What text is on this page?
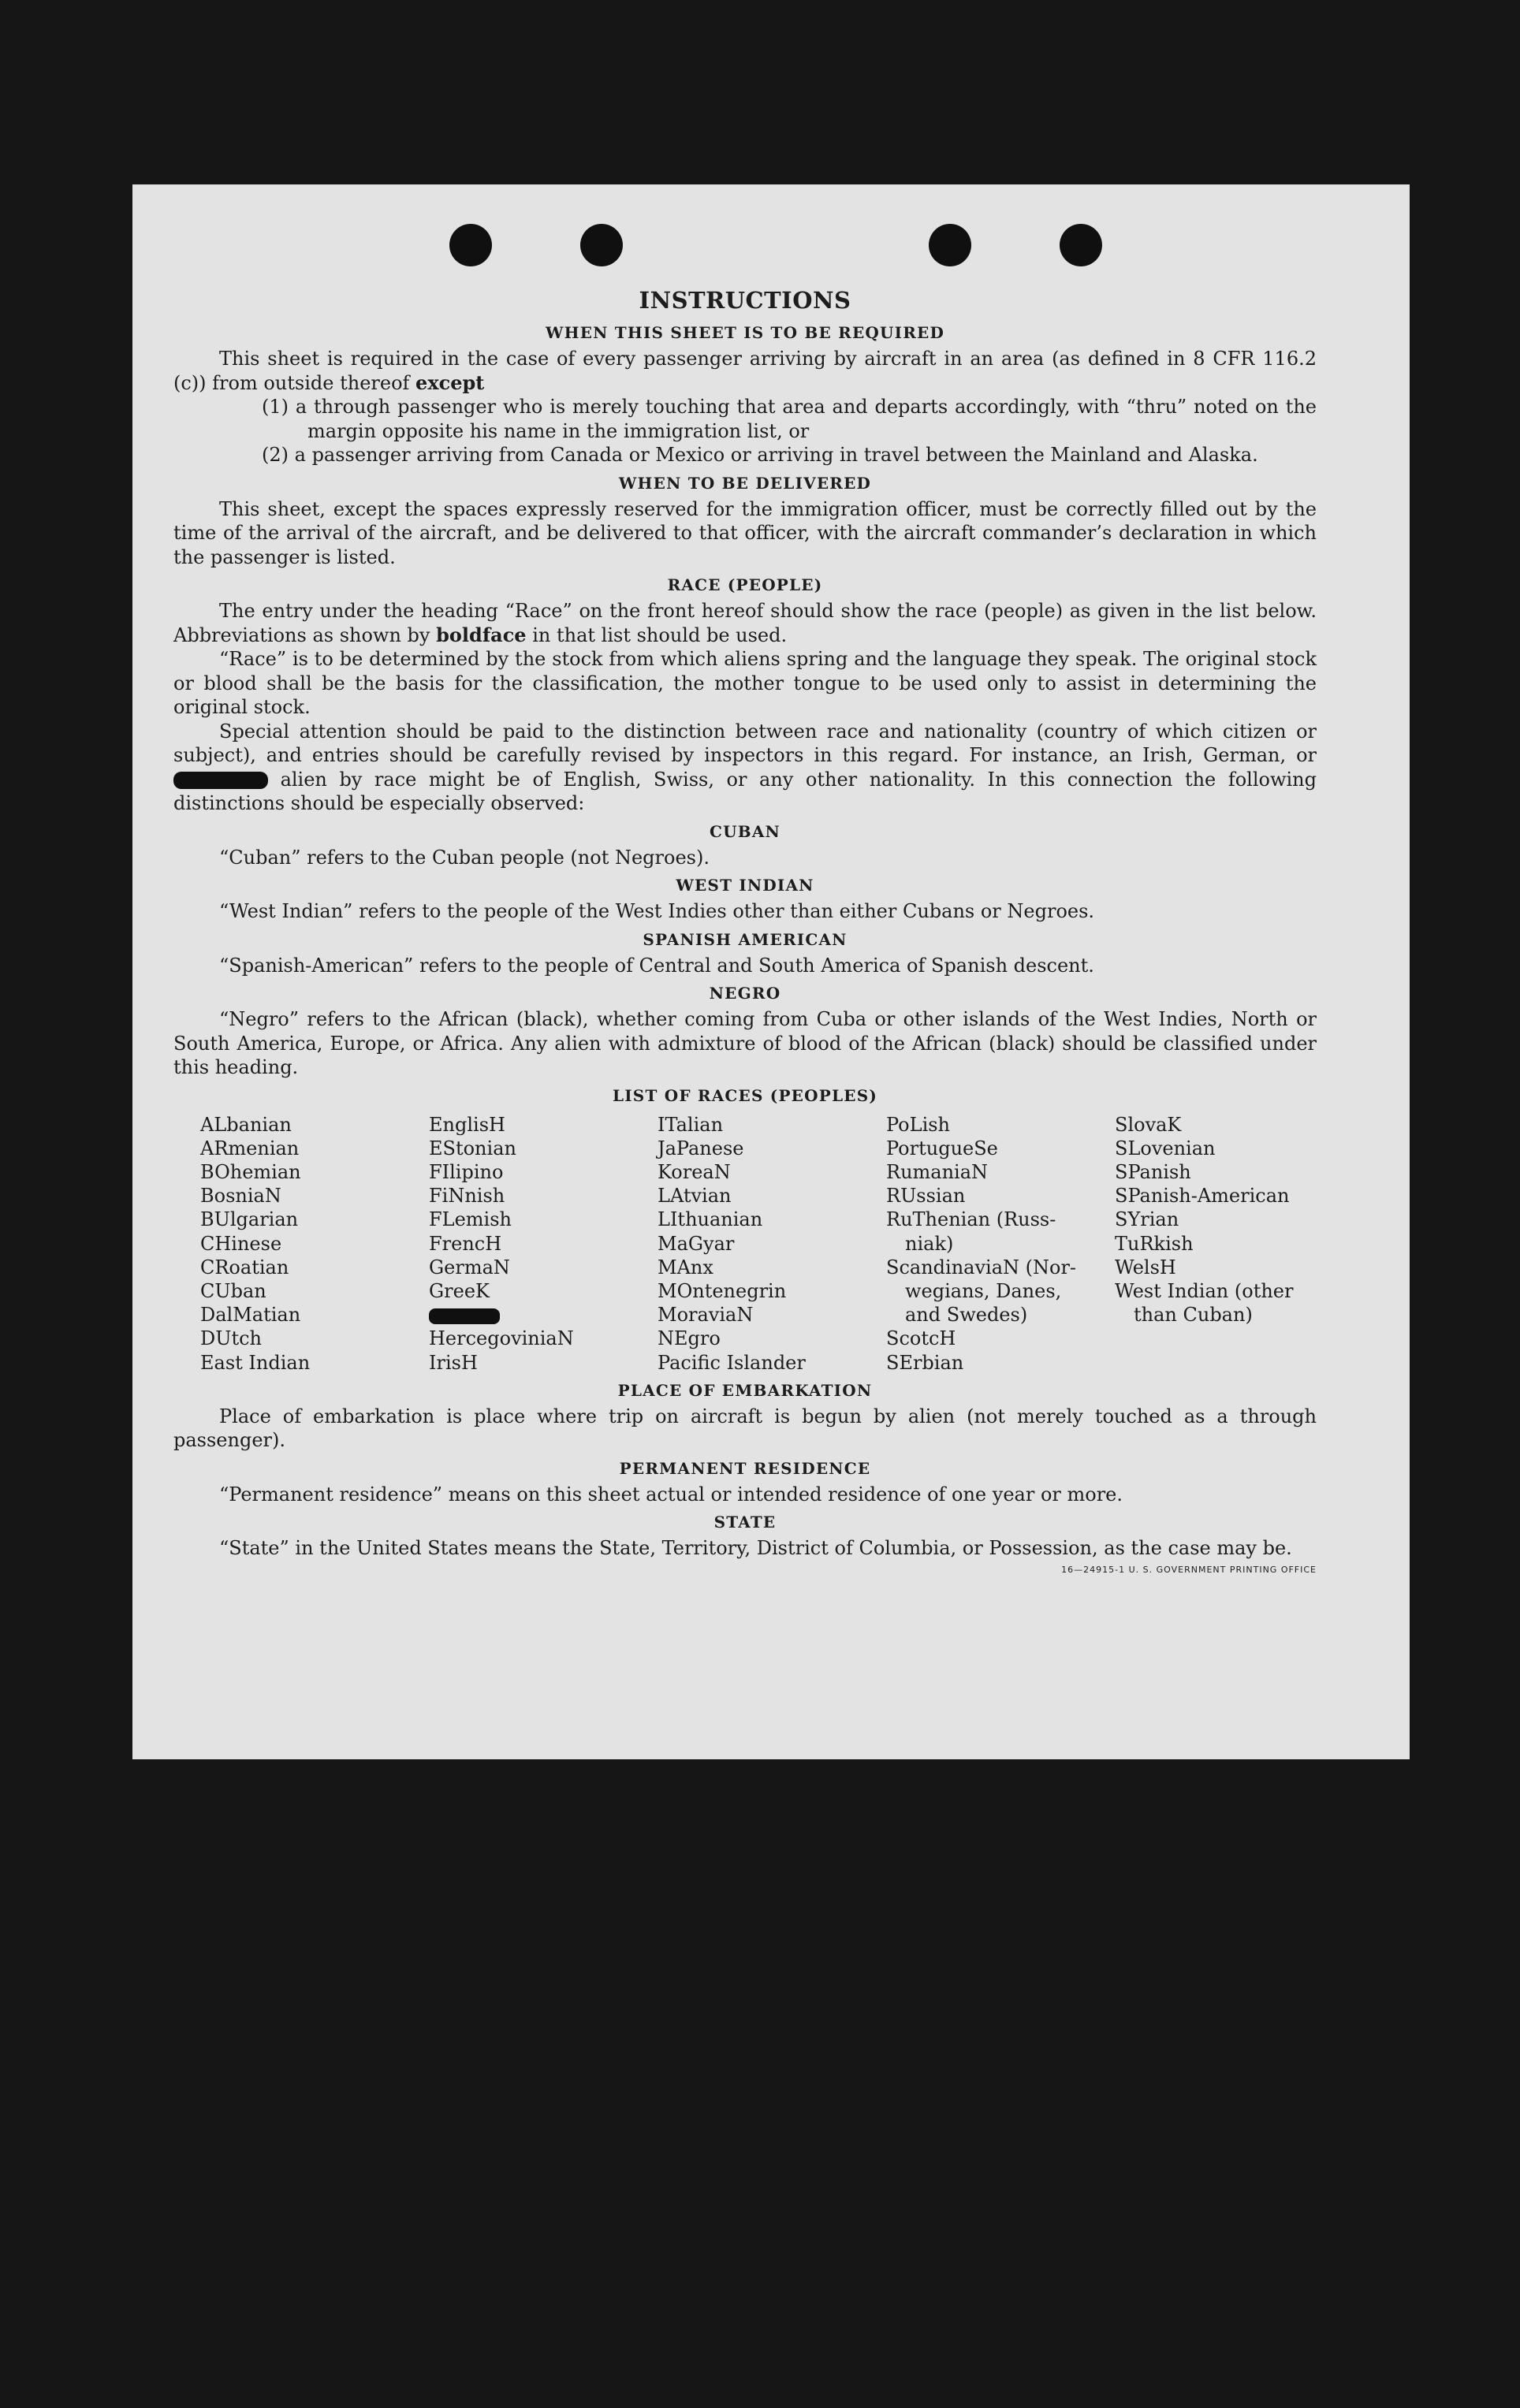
INSTRUCTIONS
WHEN THIS SHEET IS TO BE REQUIRED

This sheet is required in the case of every passenger arriving by aircraft in an area (as defined in 8 CFR 116.2 (c)) from outside thereof except

(1) a through passenger who is merely touching that area and departs accordingly, with “thru” noted on the margin opposite his name in the immigration list, or

(2) a passenger arriving from Canada or Mexico or arriving in travel between the Mainland and Alaska.

WHEN TO BE DELIVERED

This sheet, except the spaces expressly reserved for the immigration officer, must be correctly filled out by the time of the arrival of the aircraft, and be delivered to that officer, with the aircraft commander’s declaration in which the passenger is listed.

RACE (PEOPLE)

The entry under the heading “Race” on the front hereof should show the race (people) as given in the list below. Abbreviations as shown by boldface in that list should be used.

“Race” is to be determined by the stock from which aliens spring and the language they speak. The original stock or blood shall be the basis for the classification, the mother tongue to be used only to assist in determining the original stock.

Special attention should be paid to the distinction between race and nationality (country of which citizen or subject), and entries should be carefully revised by inspectors in this regard. For instance, an Irish, German, or  alien by race might be of English, Swiss, or any other nationality. In this connection the following distinctions should be especially observed:

CUBAN

“Cuban” refers to the Cuban people (not Negroes).

WEST INDIAN

“West Indian” refers to the people of the West Indies other than either Cubans or Negroes.

SPANISH AMERICAN

“Spanish-American” refers to the people of Central and South America of Spanish descent.

NEGRO

“Negro” refers to the African (black), whether coming from Cuba or other islands of the West Indies, North or South America, Europe, or Africa. Any alien with admixture of blood of the African (black) should be classified under this heading.

LIST OF RACES (PEOPLES)
ALbanian
ARmenian
BOhemian
BosniaN
BUlgarian
CHinese
CRoatian
CUban
DalMatian
DUtch
East Indian
EnglisH
EStonian
FIlipino
FiNnish
FLemish
FrencH
GermaN
GreeK
HercegoviniaN
IrisH
ITalian
JaPanese
KoreaN
LAtvian
LIthuanian
MaGyar
MAnx
MOntenegrin
MoraviaN
NEgro
Pacific Islander
PoLish
PortugueSe
RumaniaN
RUssian
RuThenian (Russ-
niak)
ScandinaviaN (Nor-
wegians, Danes,
and Swedes)
ScotcH
SErbian
SlovaK
SLovenian
SPanish
SPanish-American
SYrian
TuRkish
WelsH
West Indian (other
than Cuban)
PLACE OF EMBARKATION

Place of embarkation is place where trip on aircraft is begun by alien (not merely touched as a through passenger).

PERMANENT RESIDENCE

“Permanent residence” means on this sheet actual or intended residence of one year or more.

STATE

“State” in the United States means the State, Territory, District of Columbia, or Possession, as the case may be.

16—24915-1 U. S. GOVERNMENT PRINTING OFFICE
